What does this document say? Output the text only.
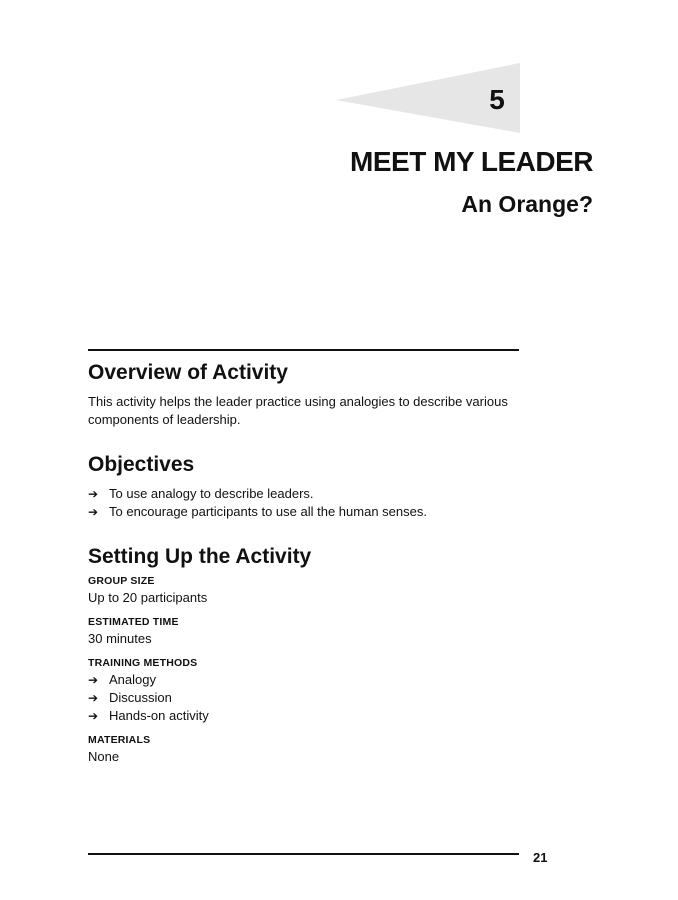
5
MEET MY LEADER
An Orange?
Overview of Activity

This activity helps the leader practice using analogies to describe various

components of leadership.

Objectives
➔ To use analogy to describe leaders.
➔ To encourage participants to use all the human senses.
Setting Up the Activity
GROUP SIZE
Up to 20 participants
ESTIMATED TIME
30 minutes
TRAINING METHODS
➔ Analogy
➔ Discussion
➔ Hands-on activity
MATERIALS
None
21
